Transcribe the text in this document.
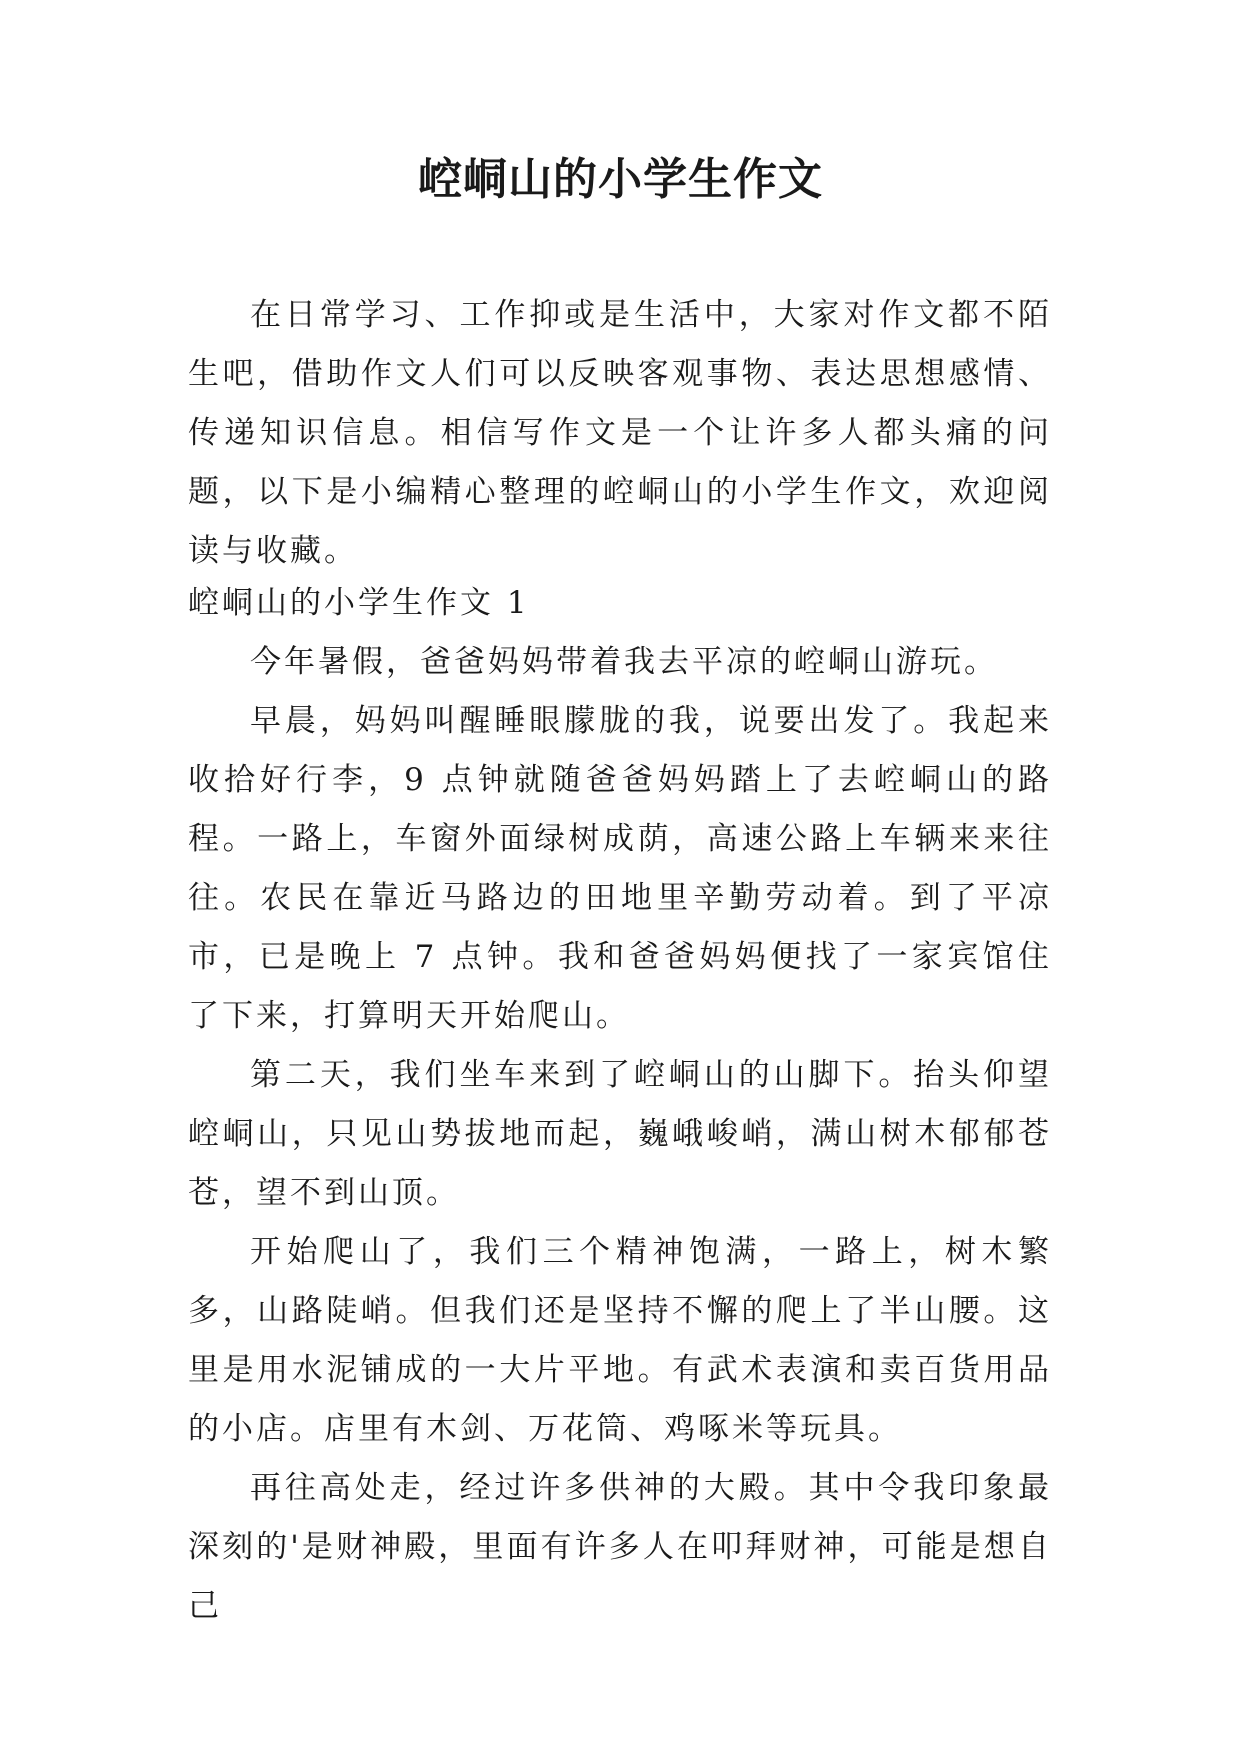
崆峒山的小学生作文

在日常学习、工作抑或是生活中，大家对作文都不陌生吧，借助作文人们可以反映客观事物、表达思想感情、传递知识信息。相信写作文是一个让许多人都头痛的问题，以下是小编精心整理的崆峒山的小学生作文，欢迎阅读与收藏。

崆峒山的小学生作文 1

今年暑假，爸爸妈妈带着我去平凉的崆峒山游玩。

早晨，妈妈叫醒睡眼朦胧的我，说要出发了。我起来收拾好行李，9 点钟就随爸爸妈妈踏上了去崆峒山的路程。一路上，车窗外面绿树成荫，高速公路上车辆来来往往。农民在靠近马路边的田地里辛勤劳动着。到了平凉市，已是晚上 7 点钟。我和爸爸妈妈便找了一家宾馆住了下来，打算明天开始爬山。

第二天，我们坐车来到了崆峒山的山脚下。抬头仰望崆峒山，只见山势拔地而起，巍峨峻峭，满山树木郁郁苍苍，望不到山顶。

开始爬山了，我们三个精神饱满，一路上，树木繁多，山路陡峭。但我们还是坚持不懈的爬上了半山腰。这里是用水泥铺成的一大片平地。有武术表演和卖百货用品的小店。店里有木剑、万花筒、鸡啄米等玩具。

再往高处走，经过许多供神的大殿。其中令我印象最深刻的'是财神殿，里面有许多人在叩拜财神，可能是想自己
